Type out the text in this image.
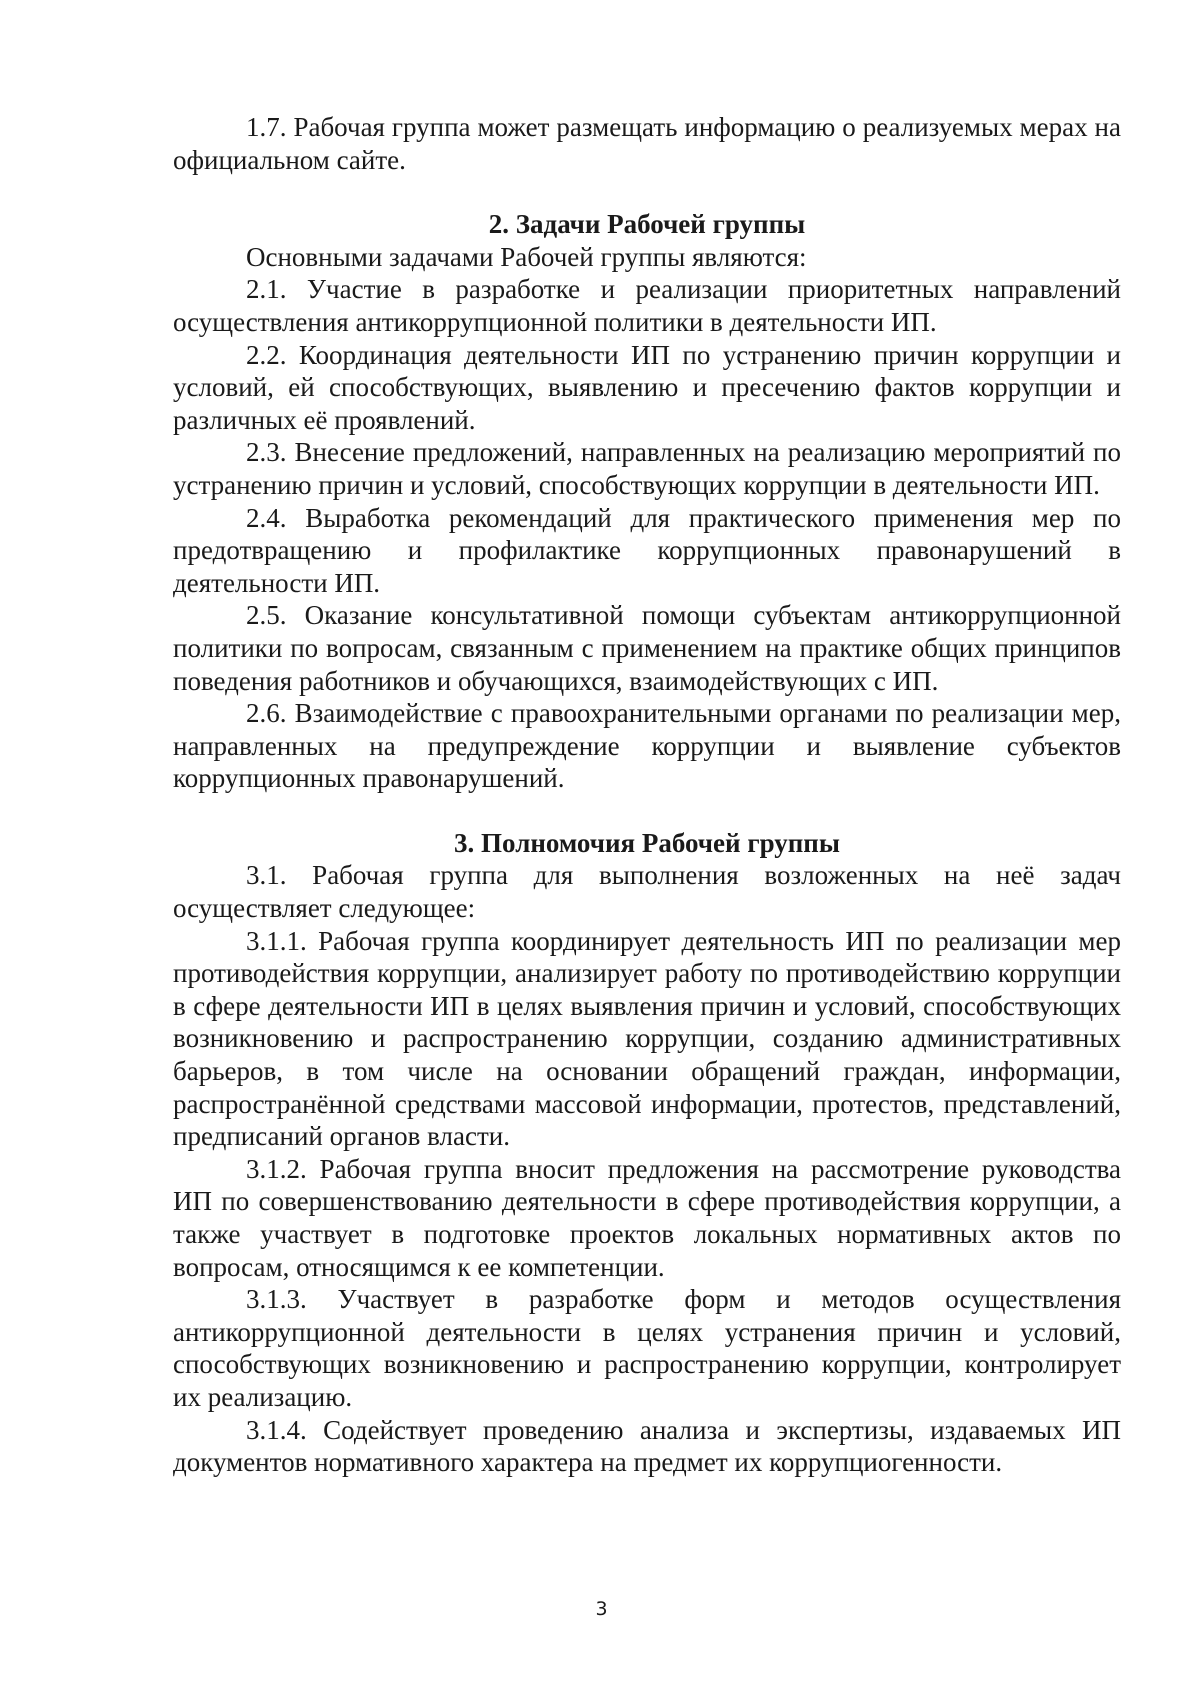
1.7. Рабочая группа может размещать информацию о реализуемых мерах на официальном сайте.

2. Задачи Рабочей группы

Основными задачами Рабочей группы являются:

2.1. Участие в разработке и реализации приоритетных направлений осуществления антикоррупционной политики в деятельности ИП.

2.2. Координация деятельности ИП по устранению причин коррупции и условий, ей способствующих, выявлению и пресечению фактов коррупции и различных её проявлений.

2.3. Внесение предложений, направленных на реализацию мероприятий по устранению причин и условий, способствующих коррупции в деятельности ИП.

2.4. Выработка рекомендаций для практического применения мер по предотвращению и профилактике коррупционных правонарушений в деятельности ИП.

2.5. Оказание консультативной помощи субъектам антикоррупционной политики по вопросам, связанным с применением на практике общих принципов поведения работников и обучающихся, взаимодействующих с ИП.

2.6. Взаимодействие с правоохранительными органами по реализации мер, направленных на предупреждение коррупции и выявление субъектов коррупционных правонарушений.

3. Полномочия Рабочей группы

3.1. Рабочая группа для выполнения возложенных на неё задач осуществляет следующее:

3.1.1. Рабочая группа координирует деятельность ИП по реализации мер противодействия коррупции, анализирует работу по противодействию коррупции в сфере деятельности ИП в целях выявления причин и условий, способствующих возникновению и распространению коррупции, созданию административных барьеров, в том числе на основании обращений граждан, информации, распространённой средствами массовой информации, протестов, представлений, предписаний органов власти.

3.1.2. Рабочая группа вносит предложения на рассмотрение руководства ИП по совершенствованию деятельности в сфере противодействия коррупции, а также участвует в подготовке проектов локальных нормативных актов по вопросам, относящимся к ее компетенции.

3.1.3. Участвует в разработке форм и методов осуществления антикоррупционной деятельности в целях устранения причин и условий, способствующих возникновению и распространению коррупции, контролирует их реализацию.

3.1.4. Содействует проведению анализа и экспертизы, издаваемых ИП документов нормативного характера на предмет их коррупциогенности.

3
